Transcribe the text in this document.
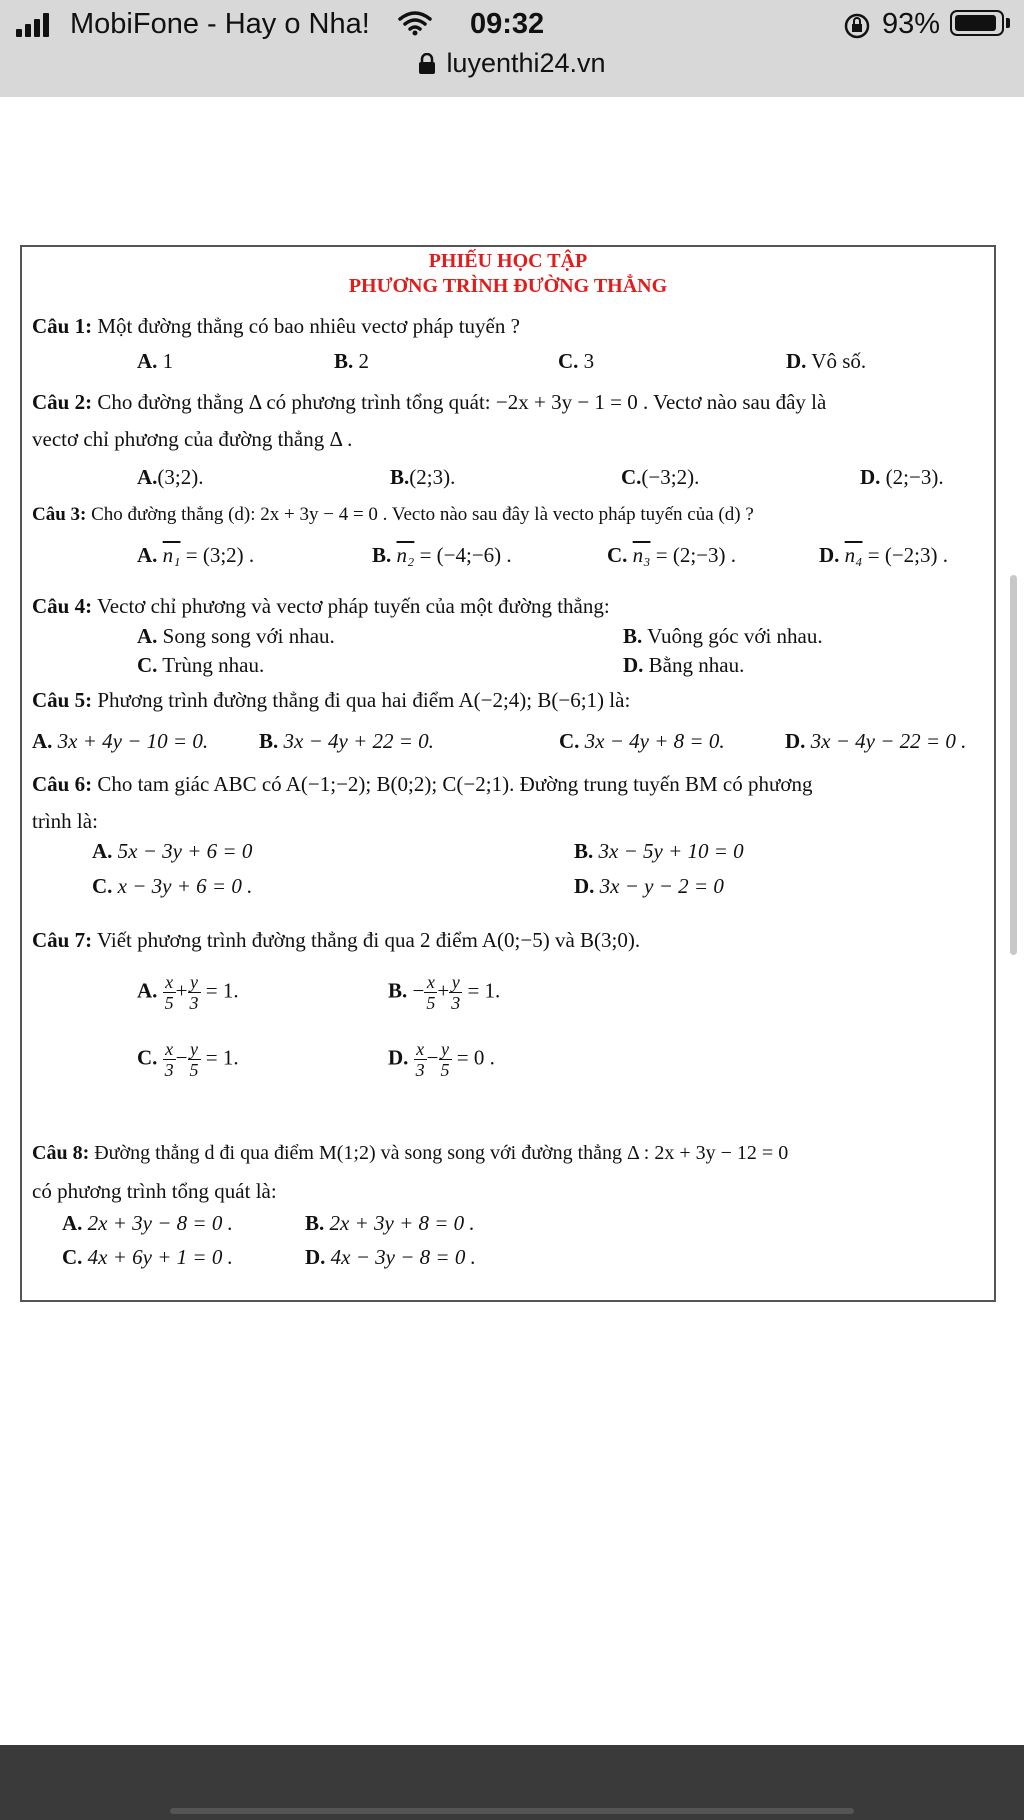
MobiFone - Hay o Nha!	09:32	93%
luyenthi24.vn
PHIẾU HỌC TẬP
PHƯƠNG TRÌNH ĐƯỜNG THẲNG
Câu 1: Một đường thẳng có bao nhiêu vectơ pháp tuyến ?
A. 1	B. 2	C. 3	D. Vô số.
Câu 2: Cho đường thẳng Δ có phương trình tổng quát: −2x + 3y − 1 = 0 . Vectơ nào sau đây là
vectơ chỉ phương của đường thẳng Δ .
A.(3;2).	B.(2;3).	C.(−3;2).	D. (2;−3).
Câu 3: Cho đường thẳng (d): 2x + 3y − 4 = 0 . Vecto nào sau đây là vecto pháp tuyến của (d) ?
A. n₁ = (3;2) .	B. n₂ = (−4;−6) .	C. n₃ = (2;−3) .	D. n₄ = (−2;3) .
Câu 4: Vectơ chỉ phương và vectơ pháp tuyến của một đường thẳng:
A. Song song với nhau.	B. Vuông góc với nhau.
C. Trùng nhau.	D. Bằng nhau.
Câu 5: Phương trình đường thẳng đi qua hai điểm A(−2;4); B(−6;1) là:
A. 3x + 4y − 10 = 0. B. 3x − 4y + 22 = 0.	C. 3x − 4y + 8 = 0.	D. 3x − 4y − 22 = 0 .
Câu 6: Cho tam giác ABC có A(−1;−2); B(0;2); C(−2;1). Đường trung tuyến BM có phương
trình là:
A. 5x − 3y + 6 = 0	B. 3x − 5y + 10 = 0
C. x − 3y + 6 = 0 .	D. 3x − y − 2 = 0
Câu 7: Viết phương trình đường thẳng đi qua 2 điểm A(0;−5) và B(3;0).
A. $\frac{x}{5} + \frac{y}{3} = 1$.	B. − $\frac{x}{5} + \frac{y}{3} = 1$.
C. $\frac{x}{3} - \frac{y}{5} = 1$.	D. $\frac{x}{3} - \frac{y}{5} = 0$ .
Câu 8: Đường thẳng d đi qua điểm M(1;2) và song song với đường thẳng Δ : 2x + 3y − 12 = 0
có phương trình tổng quát là:
A. 2x + 3y − 8 = 0 .	B. 2x + 3y + 8 = 0 .
C. 4x + 6y + 1 = 0 .	D. 4x − 3y − 8 = 0 .
